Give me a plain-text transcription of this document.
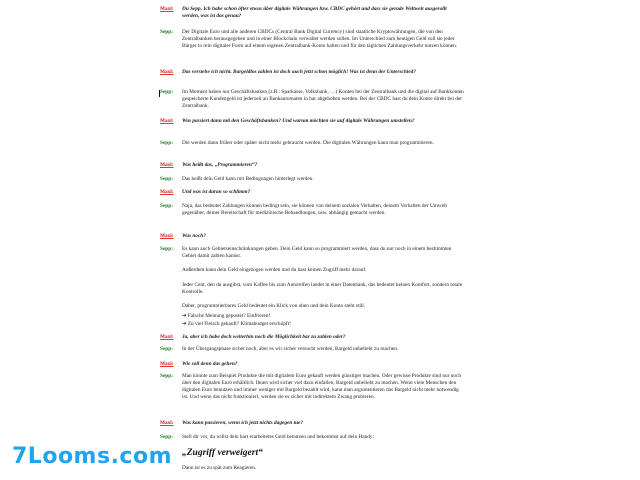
Maxl:	Du Sepp, Ich habe schon öfter etwas über digitale Währungen bzw. CBDC gehört und dass sie gerade Weltweit ausgerollt werden, was ist das genau?
Sepp:	Der Digitale Euro und alle anderen CBDCs (Central Bank Digital Currency) sind staatliche Kryptowährungen, die von den Zentralbanken herausgegeben und in einer Blockchain verwaltet werden sollen. Im Unterschied zum heutigen Geld soll sie jeder Bürger in rein digitaler Form auf einem eigenen Zentralbank-Konto halten und für den täglichen Zahlungsverkehr nutzen können.
Maxl:	Das verstehe ich nicht. Bargeldlos zahlen ist doch auch jetzt schon möglich! Was ist denn der Unterschied?
Sepp:	Im Moment haben nur Geschäftsbanken (z.B.: Sparkasse, Volksbank, …) Konten bei der Zentralbank und die digital auf Bankkonten gespeicherte Kundengeld ist jederzeit an Bankautomaten in bar abgehoben werden. Bei der CBDC hast du dein Konto direkt bei der Zentralbank.
Maxl:	Was passiert dann mit den Geschäftsbanken? Und warum möchten sie auf digitale Währungen umstellen?
Sepp:	Die werden dann früher oder später nicht mehr gebraucht werden. Die digitalen Währungen kann man programmieren.
Maxl:	Was heißt das, „Programmieren“?
Sepp:	Das heißt dein Geld kann mit Bedingungen hinterlegt werden.
Maxl:	Und was ist daran so schlimm?
Sepp:	Naja, das bedeutet Zahlungen können bedingt sein, sie können von deinem sozialen Verhalten, deinem Verhalten der Umwelt gegenüber, deiner Bereitschaft für medizinische Behandlungen, usw. abhängig gemacht werden.
Maxl:	Was noch?
Sepp:	Es kann auch Gebietseinschränkungen geben. Dein Geld kann so programmiert werden, dass du nur noch in einem bestimmten Gebiet damit zahlen kannst.
Außerdem kann dein Geld eingezogen werden und du hast keinen Zugriff mehr darauf.
Jeder Cent, den du ausgibst, vom Kaffee bis zum Autoreifen landet in einer Datenbank, das bedeutet keinen Komfort, sondern totale Kontrolle.
Daher, programmierbares Geld bedeutet ein Klick von oben und dein Konto steht still.
➔ Falsche Meinung gepostet? Einfrieren!
➔ Zu viel Fleisch gekauft? Klimabudget erschöpft!
Maxl:	Ja, aber ich habe doch weiterhin noch die Möglichkeit bar zu zahlen oder?
Sepp:	In der Übergangsphase sicher noch, aber es wir sicher versucht werden, Bargeld unbeliebt zu machen.
Maxl:	Wie soll denn das gehen?
Sepp:	Man könnte zum Beispiel Produkte die mit digitalem Euro gekauft werden günstiger machen. Oder gewisse Produkte sind nur noch über den digitalen Euro erhältlich. Ihnen wird sicher viel dazu einfallen, Bargeld unbeliebt zu machen. Wenn viele Menschen den digitalen Euro benutzen und immer weniger mit Bargeld bezahlt wird, kann man argumentieren das Bargeld nicht mehr notwendig ist. Und wenn das nicht funktioniert, werden sie es sicher mit indirektem Zwang probieren.
Maxl:	Was kann passieren, wenn ich jetzt nichts dagegen tue?
Sepp:	Stell dir vor, du willst dein hart erarbeitetes Geld benutzen und bekommst auf dein Handy:
„Zugriff verweigert“
Dann ist es zu spät zum Reagieren.
7Looms.com
